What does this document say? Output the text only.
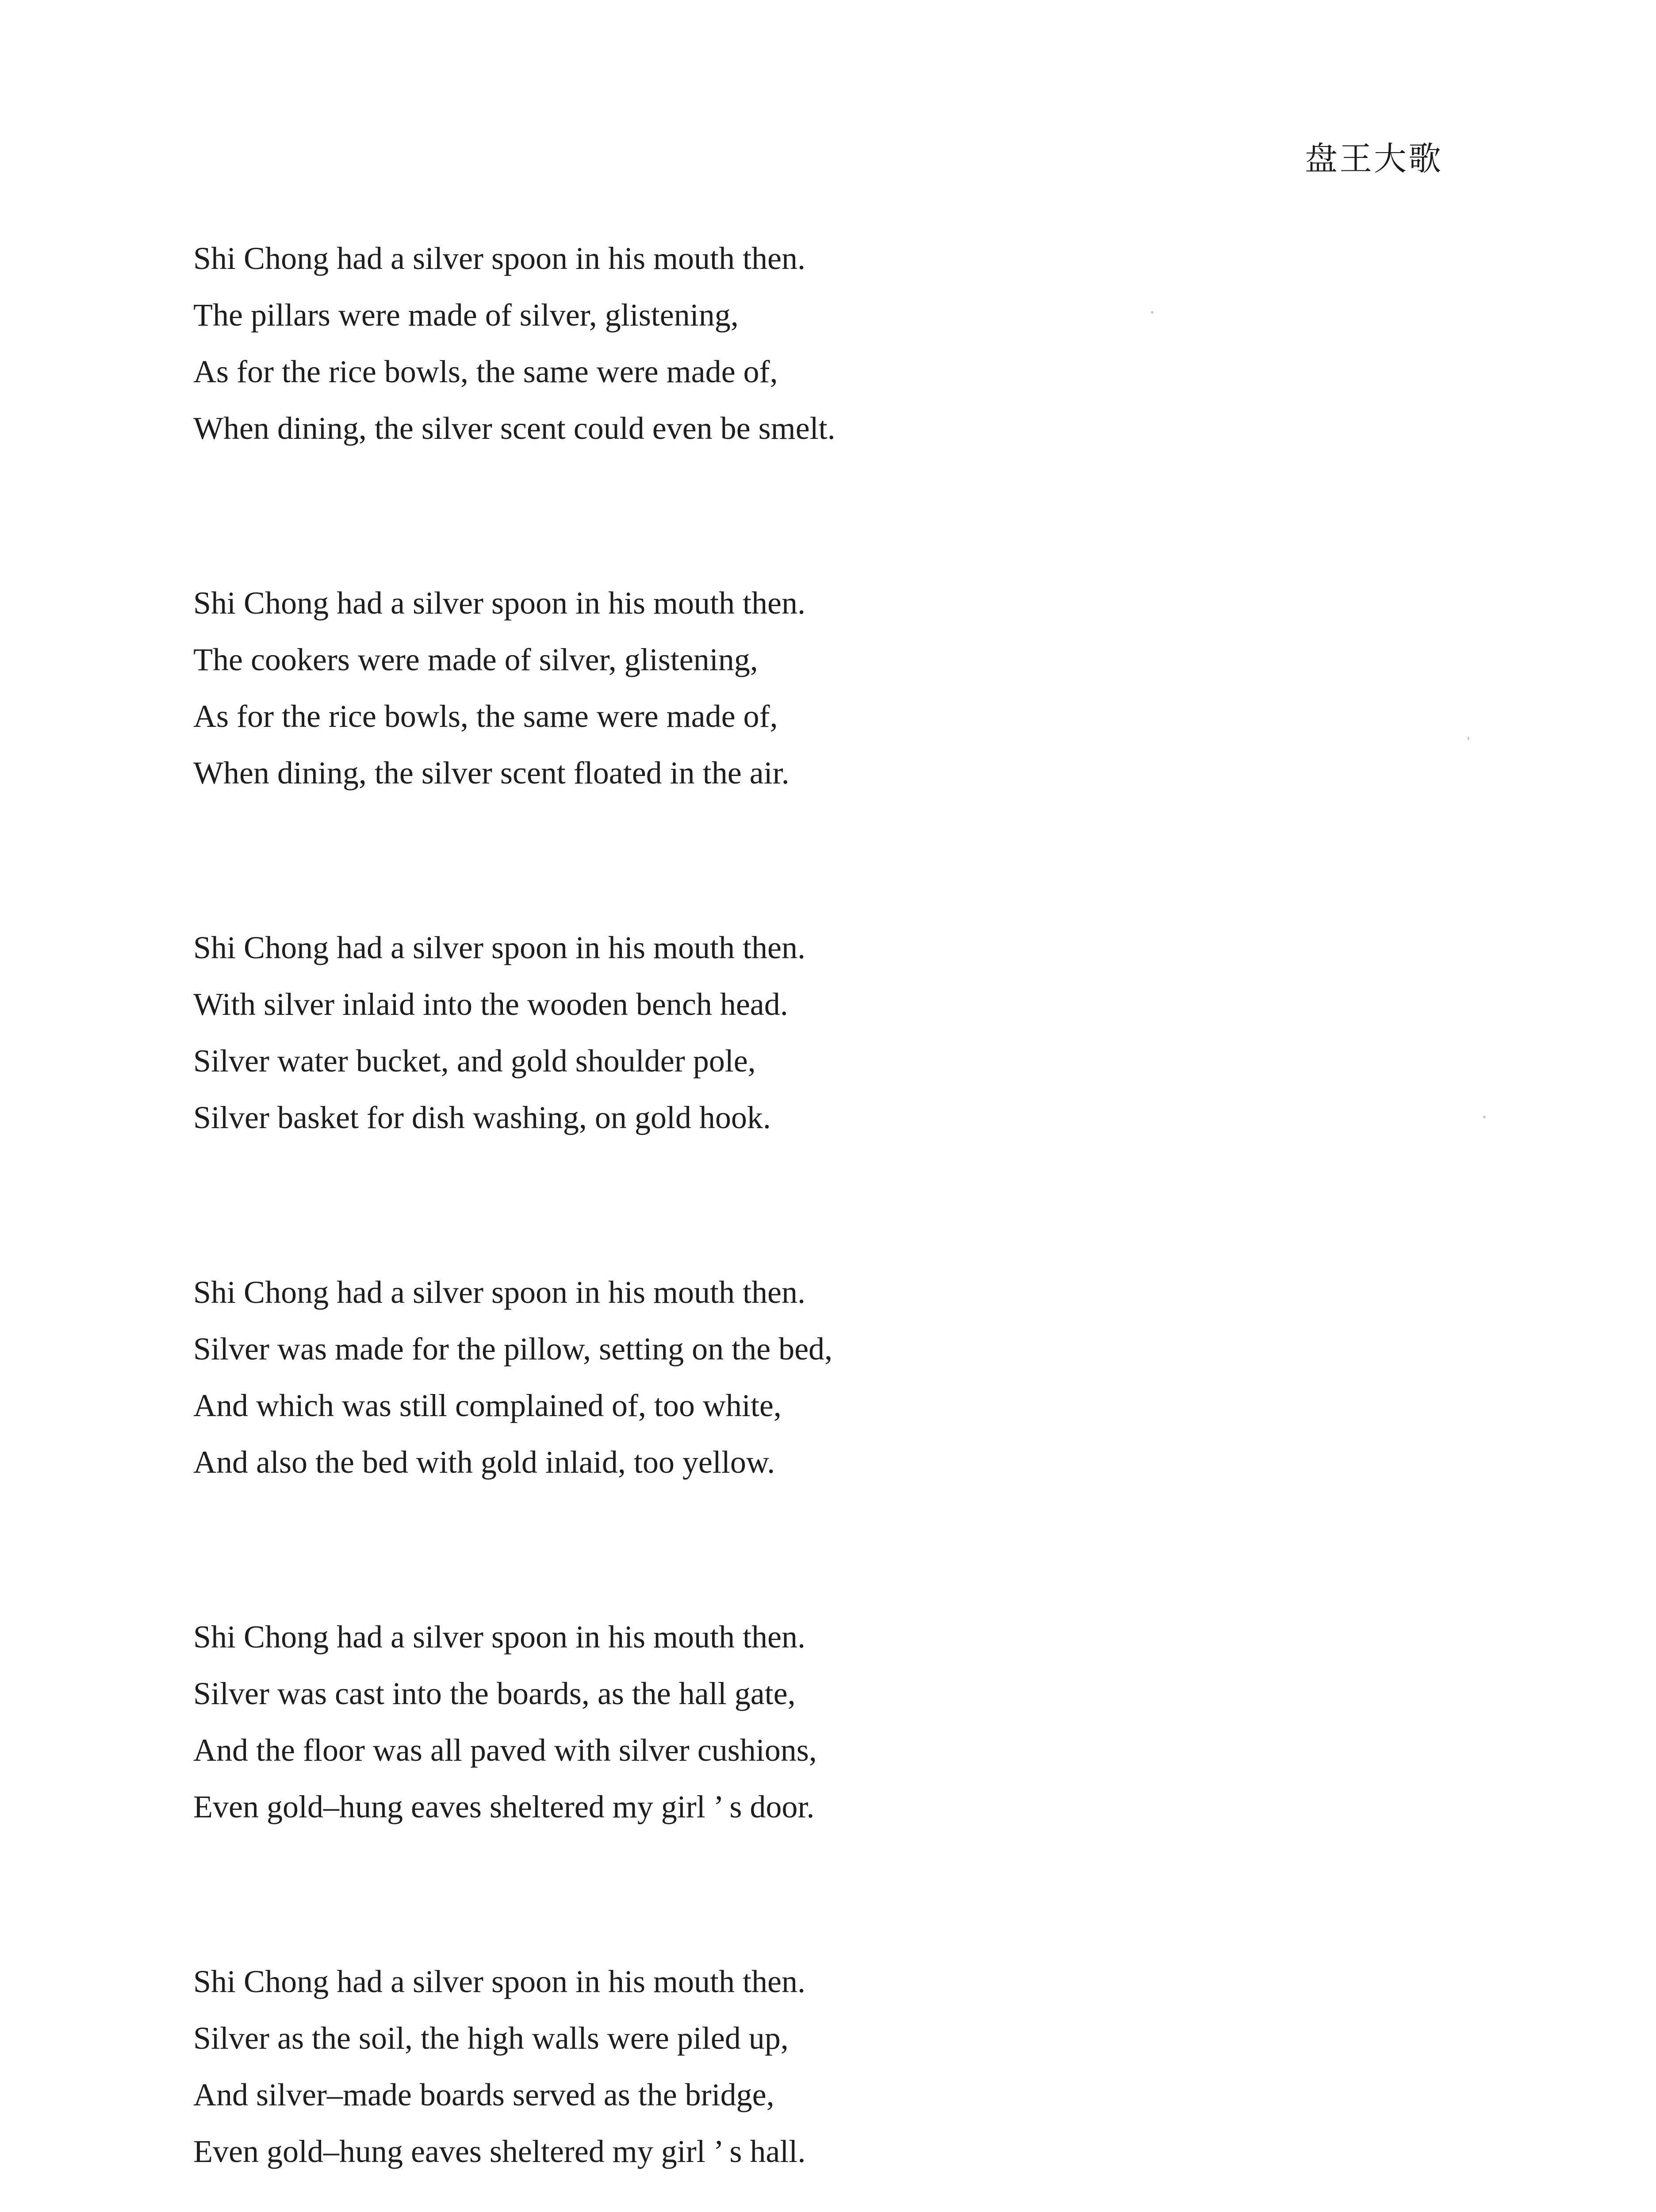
盘王大歌
Shi Chong had a silver spoon in his mouth then.
The pillars were made of silver, glistening,
As for the rice bowls, the same were made of,
When dining, the silver scent could even be smelt.
Shi Chong had a silver spoon in his mouth then.
The cookers were made of silver, glistening,
As for the rice bowls, the same were made of,
When dining, the silver scent floated in the air.
Shi Chong had a silver spoon in his mouth then.
With silver inlaid into the wooden bench head.
Silver water bucket, and gold shoulder pole,
Silver basket for dish washing, on gold hook.
Shi Chong had a silver spoon in his mouth then.
Silver was made for the pillow, setting on the bed,
And which was still complained of, too white,
And also the bed with gold inlaid, too yellow.
Shi Chong had a silver spoon in his mouth then.
Silver was cast into the boards, as the hall gate,
And the floor was all paved with silver cushions,
Even gold–hung eaves sheltered my girl ’ s door.
Shi Chong had a silver spoon in his mouth then.
Silver as the soil, the high walls were piled up,
And silver–made boards served as the bridge,
Even gold–hung eaves sheltered my girl ’ s hall.
